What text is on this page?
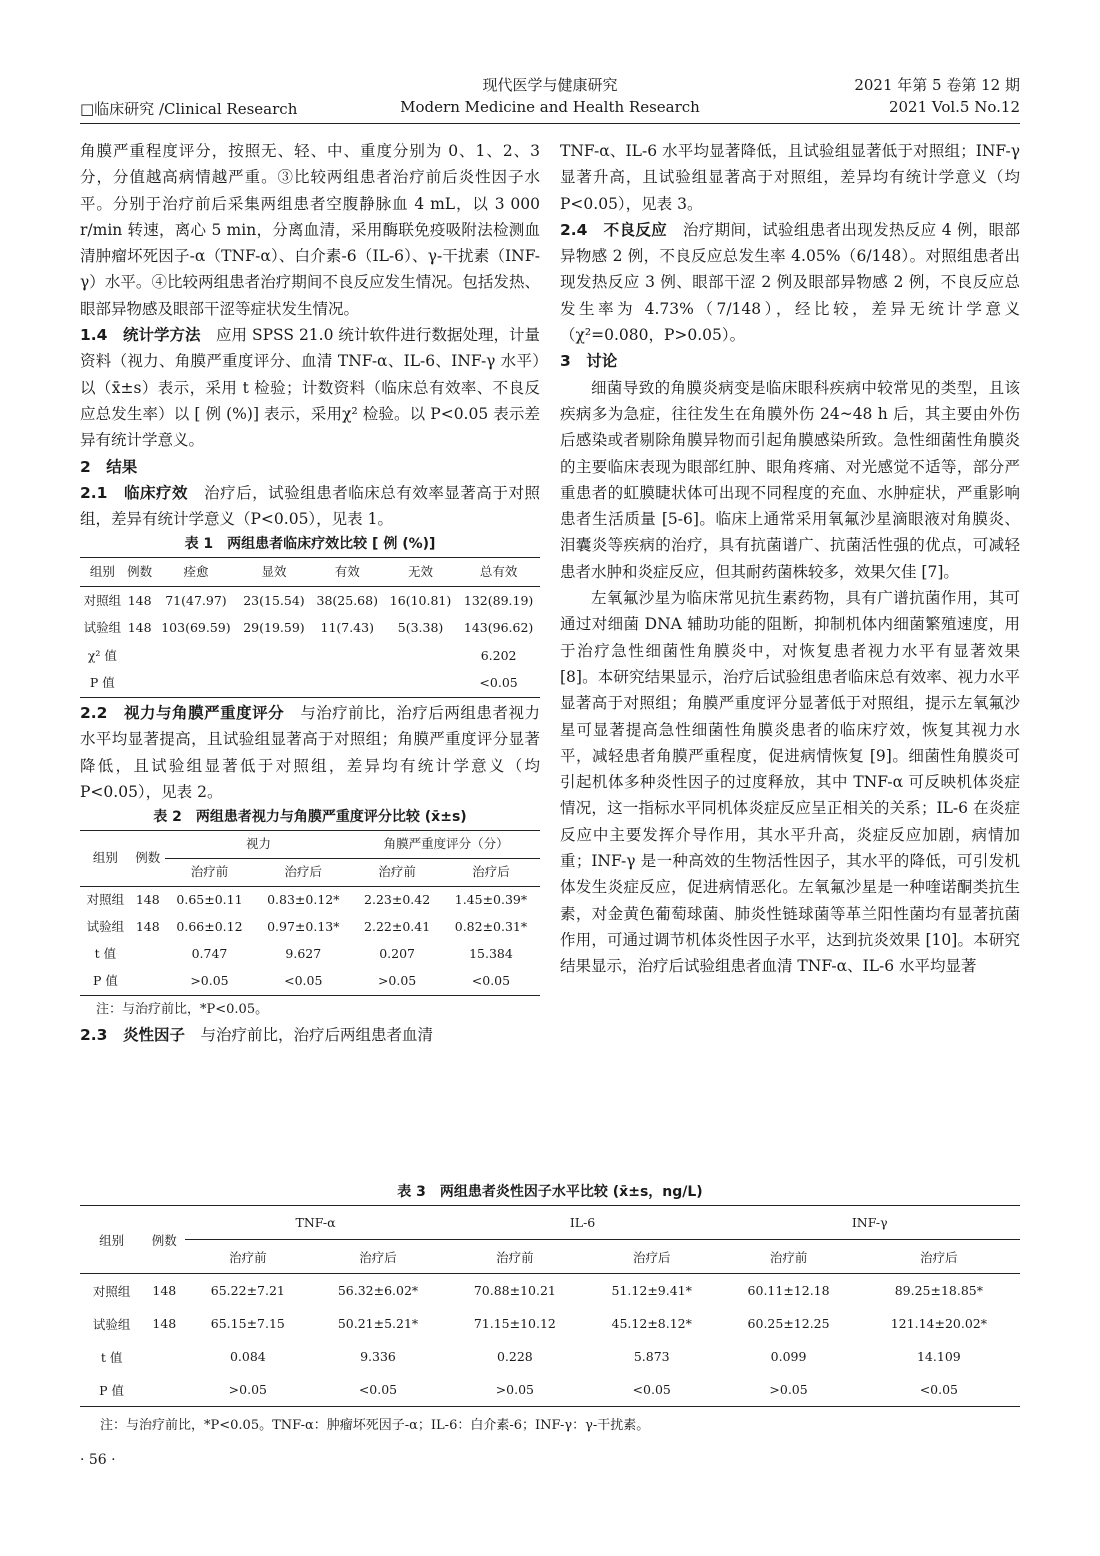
□临床研究 /Clinical Research
现代医学与健康研究
Modern Medicine and Health Research
2021 年第 5 卷第 12 期
2021 Vol.5 No.12

角膜严重程度评分，按照无、轻、中、重度分别为 0、1、2、3 分，分值越高病情越严重。③比较两组患者治疗前后炎性因子水平。分别于治疗前后采集两组患者空腹静脉血 4 mL，以 3 000 r/min 转速，离心 5 min，分离血清，采用酶联免疫吸附法检测血清肿瘤坏死因子-α（TNF-α）、白介素-6（IL-6）、γ-干扰素（INF-γ）水平。④比较两组患者治疗期间不良反应发生情况。包括发热、眼部异物感及眼部干涩等症状发生情况。

1.4　统计学方法　应用 SPSS 21.0 统计软件进行数据处理，计量资料（视力、角膜严重度评分、血清 TNF-α、IL-6、INF-γ 水平）以（x̄±s）表示，采用 t 检验；计数资料（临床总有效率、不良反应总发生率）以 [ 例 (%)] 表示，采用χ² 检验。以 P<0.05 表示差异有统计学意义。

2　结果

2.1　临床疗效　治疗后，试验组患者临床总有效率显著高于对照组，差异有统计学意义（P<0.05），见表 1。

表 1　两组患者临床疗效比较 [ 例 (%)]
组别	例数	痊愈	显效	有效	无效	总有效
对照组	148	71(47.97)	23(15.54)	38(25.68)	16(10.81)	132(89.19)
试验组	148	103(69.59)	29(19.59)	11(7.43)	5(3.38)	143(96.62)
χ² 值						6.202
P 值						<0.05

2.2　视力与角膜严重度评分　与治疗前比，治疗后两组患者视力水平均显著提高，且试验组显著高于对照组；角膜严重度评分显著降低，且试验组显著低于对照组，差异均有统计学意义（均 P<0.05），见表 2。

表 2　两组患者视力与角膜严重度评分比较 (x̄±s)
组别	例数	视力		角膜严重度评分（分）	
		治疗前	治疗后	治疗前	治疗后
对照组	148	0.65±0.11	0.83±0.12*	2.23±0.42	1.45±0.39*
试验组	148	0.66±0.12	0.97±0.13*	2.22±0.41	0.82±0.31*
t 值		0.747	9.627	0.207	15.384
P 值		>0.05	<0.05	>0.05	<0.05
注：与治疗前比，*P<0.05。

2.3　炎性因子　与治疗前比，治疗后两组患者血清

TNF-α、IL-6 水平均显著降低，且试验组显著低于对照组；INF-γ 显著升高，且试验组显著高于对照组，差异均有统计学意义（均 P<0.05），见表 3。

2.4　不良反应　治疗期间，试验组患者出现发热反应 4 例，眼部异物感 2 例，不良反应总发生率 4.05%（6/148）。对照组患者出现发热反应 3 例、眼部干涩 2 例及眼部异物感 2 例，不良反应总发生率为 4.73%（7/148），经比较，差异无统计学意义（χ²=0.080，P>0.05）。

3　讨论

细菌导致的角膜炎病变是临床眼科疾病中较常见的类型，且该疾病多为急症，往往发生在角膜外伤 24~48 h 后，其主要由外伤后感染或者剔除角膜异物而引起角膜感染所致。急性细菌性角膜炎的主要临床表现为眼部红肿、眼角疼痛、对光感觉不适等，部分严重患者的虹膜睫状体可出现不同程度的充血、水肿症状，严重影响患者生活质量 [5-6]。临床上通常采用氧氟沙星滴眼液对角膜炎、泪囊炎等疾病的治疗，具有抗菌谱广、抗菌活性强的优点，可减轻患者水肿和炎症反应，但其耐药菌株较多，效果欠佳 [7]。

左氧氟沙星为临床常见抗生素药物，具有广谱抗菌作用，其可通过对细菌 DNA 辅助功能的阻断，抑制机体内细菌繁殖速度，用于治疗急性细菌性角膜炎中，对恢复患者视力水平有显著效果 [8]。本研究结果显示，治疗后试验组患者临床总有效率、视力水平显著高于对照组；角膜严重度评分显著低于对照组，提示左氧氟沙星可显著提高急性细菌性角膜炎患者的临床疗效，恢复其视力水平，减轻患者角膜严重程度，促进病情恢复 [9]。细菌性角膜炎可引起机体多种炎性因子的过度释放，其中 TNF-α 可反映机体炎症情况，这一指标水平同机体炎症反应呈正相关的关系；IL-6 在炎症反应中主要发挥介导作用，其水平升高，炎症反应加剧，病情加重；INF-γ 是一种高效的生物活性因子，其水平的降低，可引发机体发生炎症反应，促进病情恶化。左氧氟沙星是一种喹诺酮类抗生素，对金黄色葡萄球菌、肺炎性链球菌等革兰阳性菌均有显著抗菌作用，可通过调节机体炎性因子水平，达到抗炎效果 [10]。本研究结果显示，治疗后试验组患者血清 TNF-α、IL-6 水平均显著

表 3　两组患者炎性因子水平比较 (x̄±s，ng/L)
组别	例数	TNF-α		IL-6		INF-γ	
		治疗前	治疗后	治疗前	治疗后	治疗前	治疗后
对照组	148	65.22±7.21	56.32±6.02*	70.88±10.21	51.12±9.41*	60.11±12.18	89.25±18.85*
试验组	148	65.15±7.15	50.21±5.21*	71.15±10.12	45.12±8.12*	60.25±12.25	121.14±20.02*
t 值		0.084	9.336	0.228	5.873	0.099	14.109
P 值		>0.05	<0.05	>0.05	<0.05	>0.05	<0.05
注：与治疗前比，*P<0.05。TNF-α：肿瘤坏死因子-α；IL-6：白介素-6；INF-γ：γ-干扰素。
· 56 ·
